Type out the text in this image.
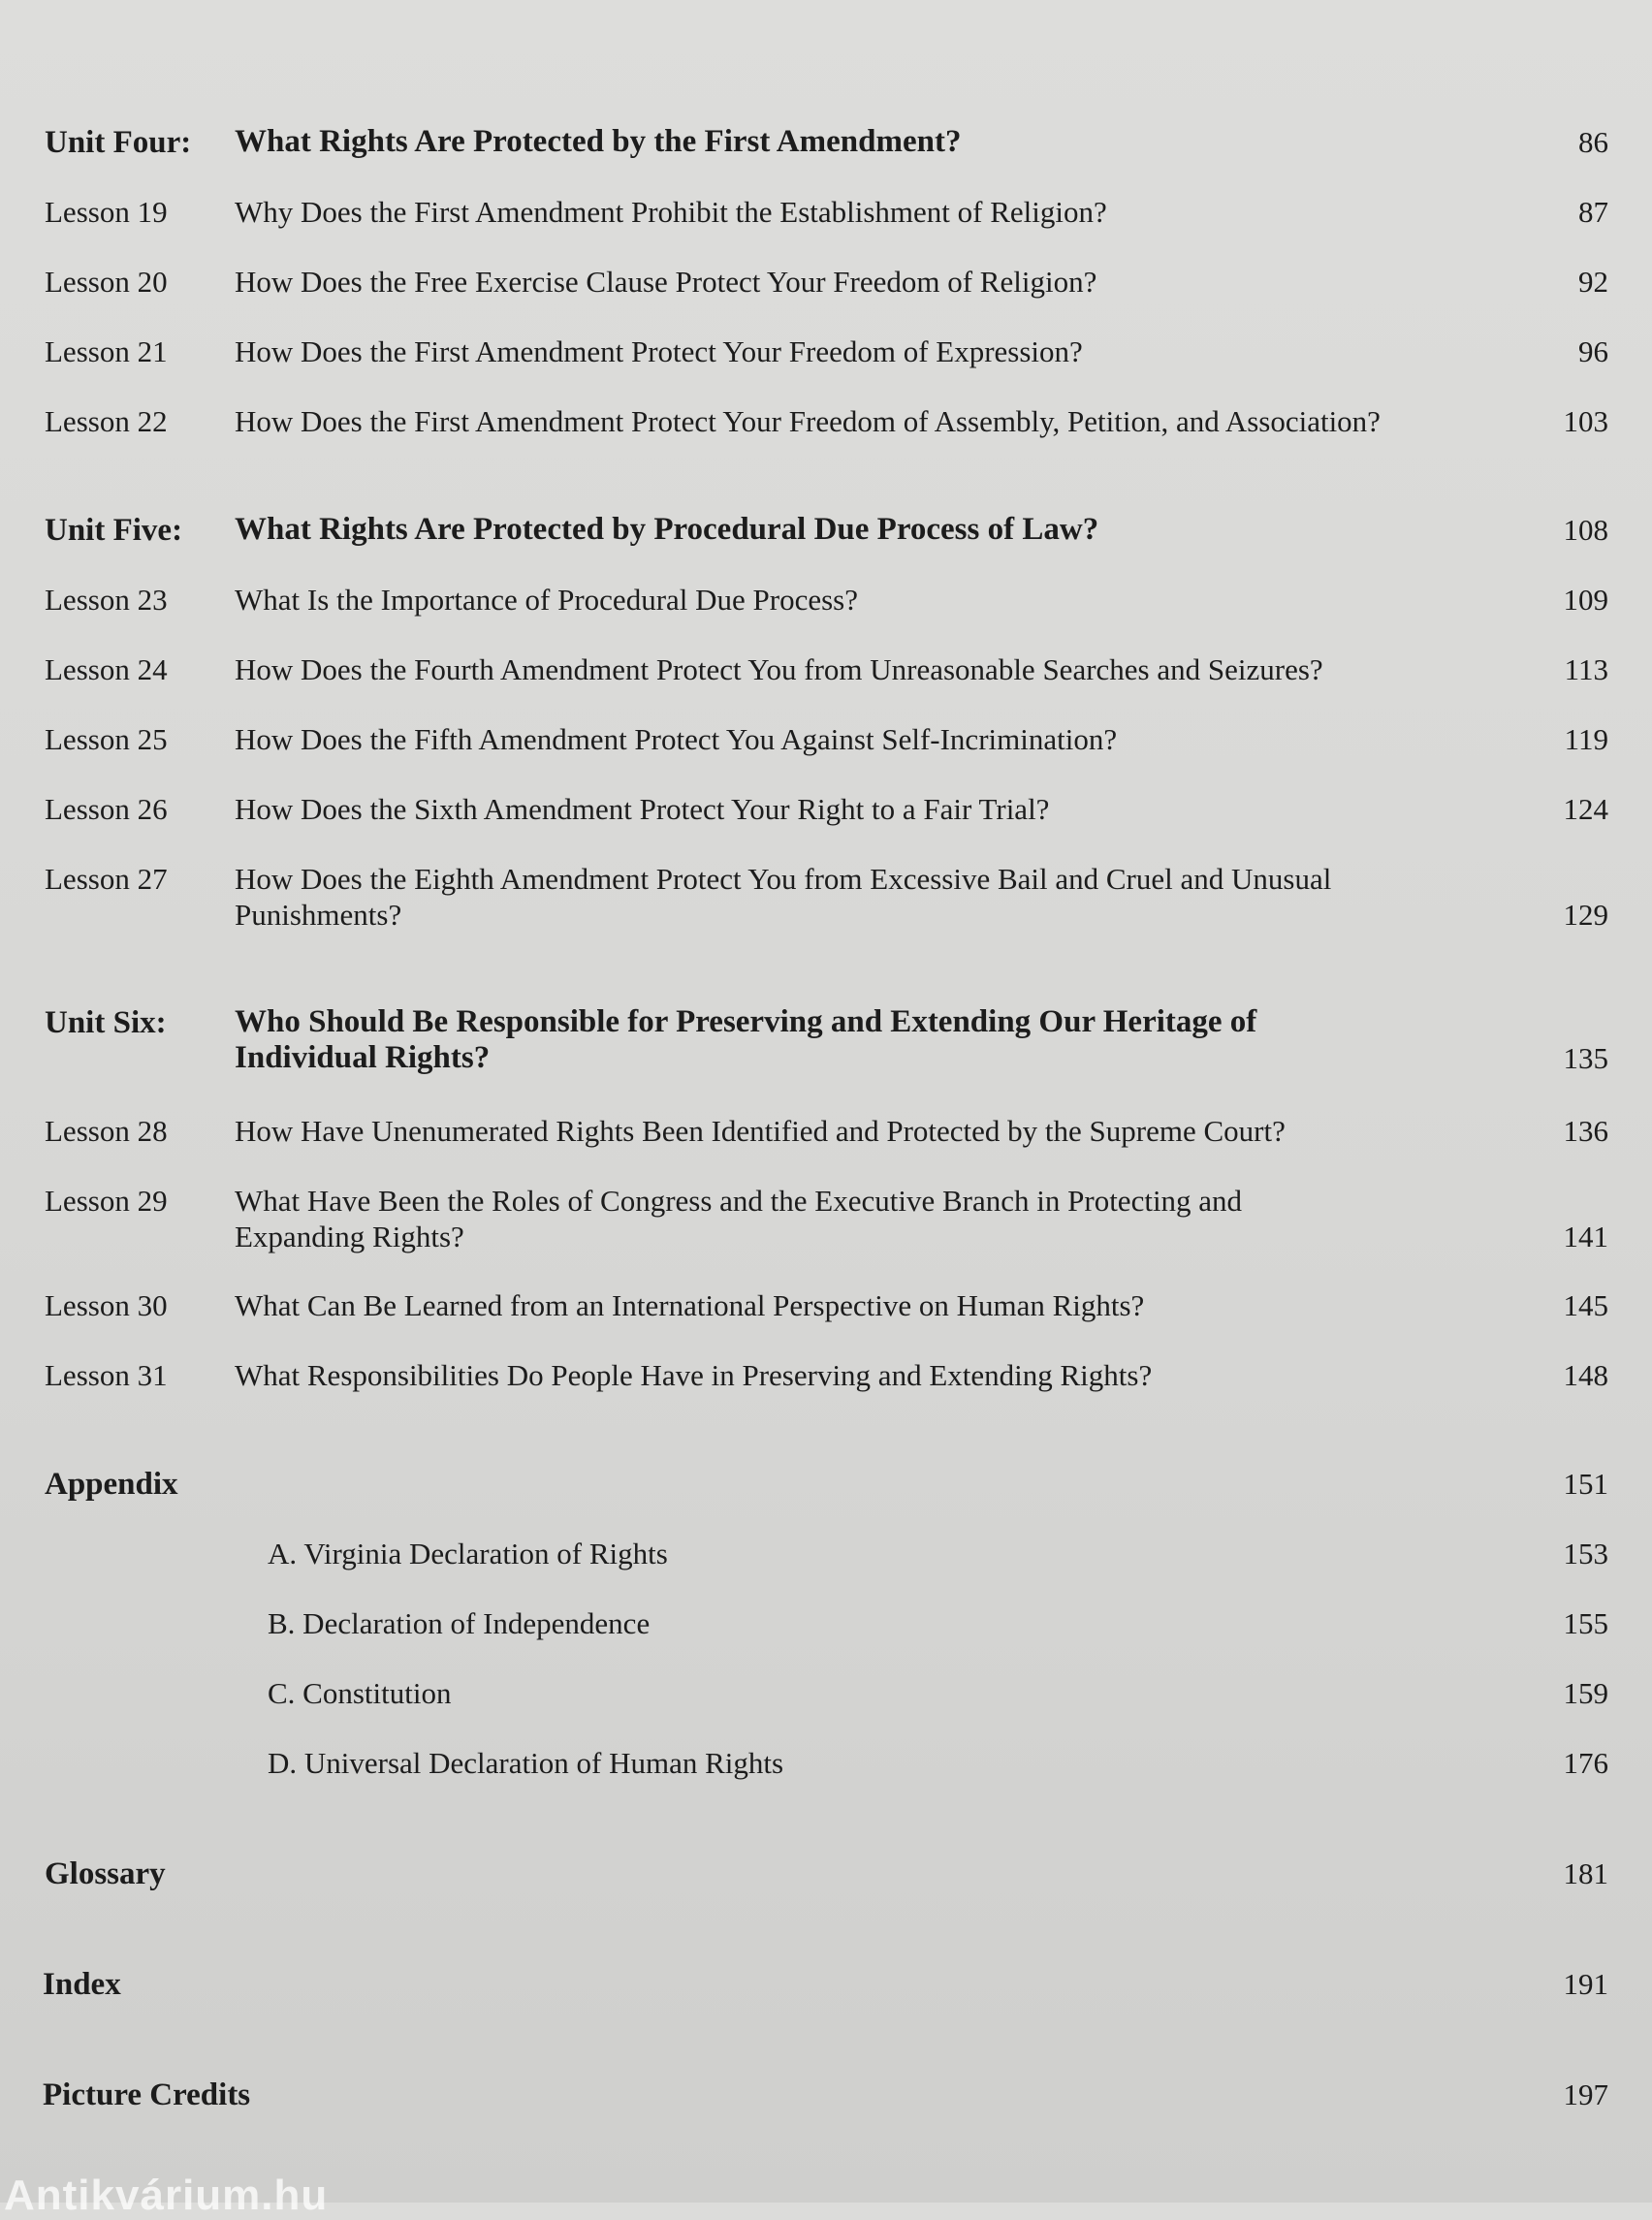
Unit Four: What Rights Are Protected by the First Amendment?	86
Lesson 19 Why Does the First Amendment Prohibit the Establishment of Religion?	87
Lesson 20 How Does the Free Exercise Clause Protect Your Freedom of Religion?	92
Lesson 21 How Does the First Amendment Protect Your Freedom of Expression?	96
Lesson 22 How Does the First Amendment Protect Your Freedom of Assembly, Petition, and Association?	103
Unit Five: What Rights Are Protected by Procedural Due Process of Law?	108
Lesson 23 What Is the Importance of Procedural Due Process?	109
Lesson 24 How Does the Fourth Amendment Protect You from Unreasonable Searches and Seizures?	113
Lesson 25 How Does the Fifth Amendment Protect You Against Self-Incrimination?	119
Lesson 26 How Does the Sixth Amendment Protect Your Right to a Fair Trial?	124
Lesson 27 How Does the Eighth Amendment Protect You from Excessive Bail and Cruel and Unusual Punishments?	129
Unit Six: Who Should Be Responsible for Preserving and Extending Our Heritage of Individual Rights?	135
Lesson 28 How Have Unenumerated Rights Been Identified and Protected by the Supreme Court?	136
Lesson 29 What Have Been the Roles of Congress and the Executive Branch in Protecting and Expanding Rights?	141
Lesson 30 What Can Be Learned from an International Perspective on Human Rights?	145
Lesson 31 What Responsibilities Do People Have in Preserving and Extending Rights?	148
Appendix	151
A. Virginia Declaration of Rights	153
B. Declaration of Independence	155
C. Constitution	159
D. Universal Declaration of Human Rights	176
Glossary	181
Index	191
Picture Credits	197
Antikvárium.hu
